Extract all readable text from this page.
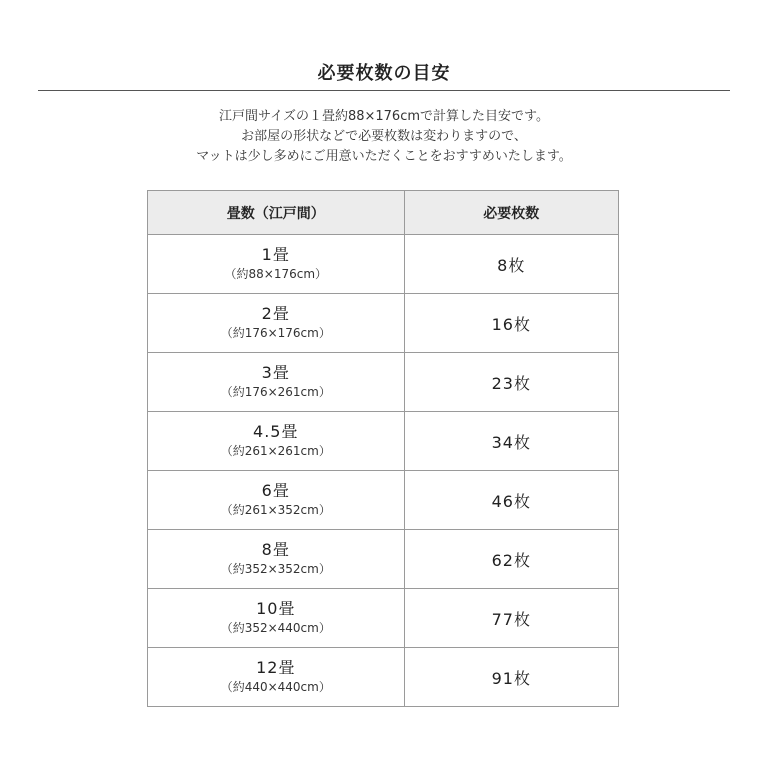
必要枚数の目安
江戸間サイズの１畳約88×176cmで計算した目安です。
お部屋の形状などで必要枚数は変わりますので、
マットは少し多めにご用意いただくことをおすすめいたします。
畳数（江戸間）	必要枚数

1畳
（約88×176cm）	8枚

2畳
（約176×176cm）	16枚

3畳
（約176×261cm）	23枚

4.5畳
（約261×261cm）	34枚

6畳
（約261×352cm）	46枚

8畳
（約352×352cm）	62枚

10畳
（約352×440cm）	77枚

12畳
（約440×440cm）	91枚
